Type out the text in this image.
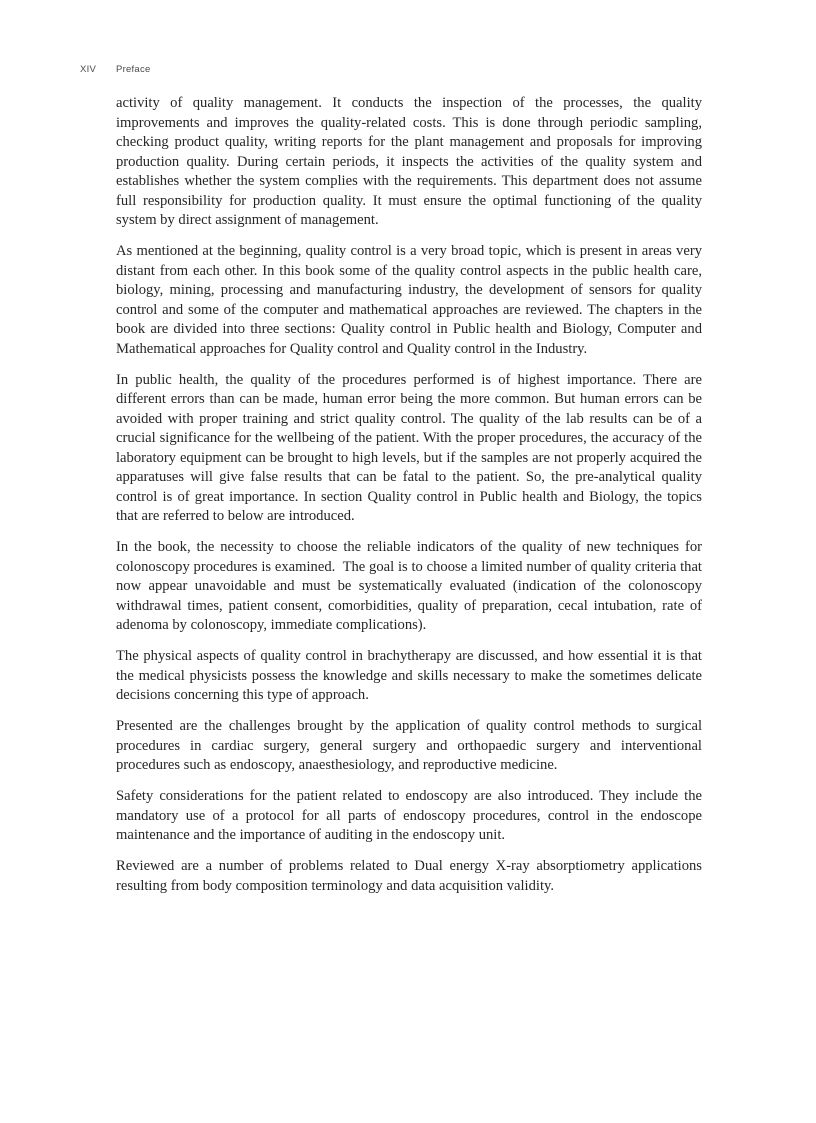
XIV	Preface

activity of quality management. It conducts the inspection of the processes, the quality improvements and improves the quality-related costs. This is done through periodic sampling, checking product quality, writing reports for the plant management and proposals for improving production quality. During certain periods, it inspects the activities of the quality system and establishes whether the system complies with the requirements. This department does not assume full responsibility for production quality. It must ensure the optimal functioning of the quality system by direct assignment of management.

As mentioned at the beginning, quality control is a very broad topic, which is present in areas very distant from each other. In this book some of the quality control aspects in the public health care, biology, mining, processing and manufacturing industry, the development of sensors for quality control and some of the computer and mathematical approaches are reviewed. The chapters in the book are divided into three sections: Quality control in Public health and Biology, Computer and Mathematical approaches for Quality control and Quality control in the Industry.

In public health, the quality of the procedures performed is of highest importance. There are different errors than can be made, human error being the more common. But human errors can be avoided with proper training and strict quality control. The quality of the lab results can be of a crucial significance for the wellbeing of the patient. With the proper procedures, the accuracy of the laboratory equipment can be brought to high levels, but if the samples are not properly acquired the apparatuses will give false results that can be fatal to the patient. So, the pre-analytical quality control is of great importance. In section Quality control in Public health and Biology, the topics that are referred to below are introduced.

In the book, the necessity to choose the reliable indicators of the quality of new techniques for colonoscopy procedures is examined.  The goal is to choose a limited number of quality criteria that now appear unavoidable and must be systematically evaluated (indication of the colonoscopy withdrawal times, patient consent, comorbidities, quality of preparation, cecal intubation, rate of adenoma by colonoscopy, immediate complications).

The physical aspects of quality control in brachytherapy are discussed, and how essential it is that the medical physicists possess the knowledge and skills necessary to make the sometimes delicate decisions concerning this type of approach.

Presented are the challenges brought by the application of quality control methods to surgical procedures in cardiac surgery, general surgery and orthopaedic surgery and interventional procedures such as endoscopy, anaesthesiology, and reproductive medicine.

Safety considerations for the patient related to endoscopy are also introduced. They include the mandatory use of a protocol for all parts of endoscopy procedures, control in the endoscope maintenance and the importance of auditing in the endoscopy unit.

Reviewed are a number of problems related to Dual energy X-ray absorptiometry applications resulting from body composition terminology and data acquisition validity.
